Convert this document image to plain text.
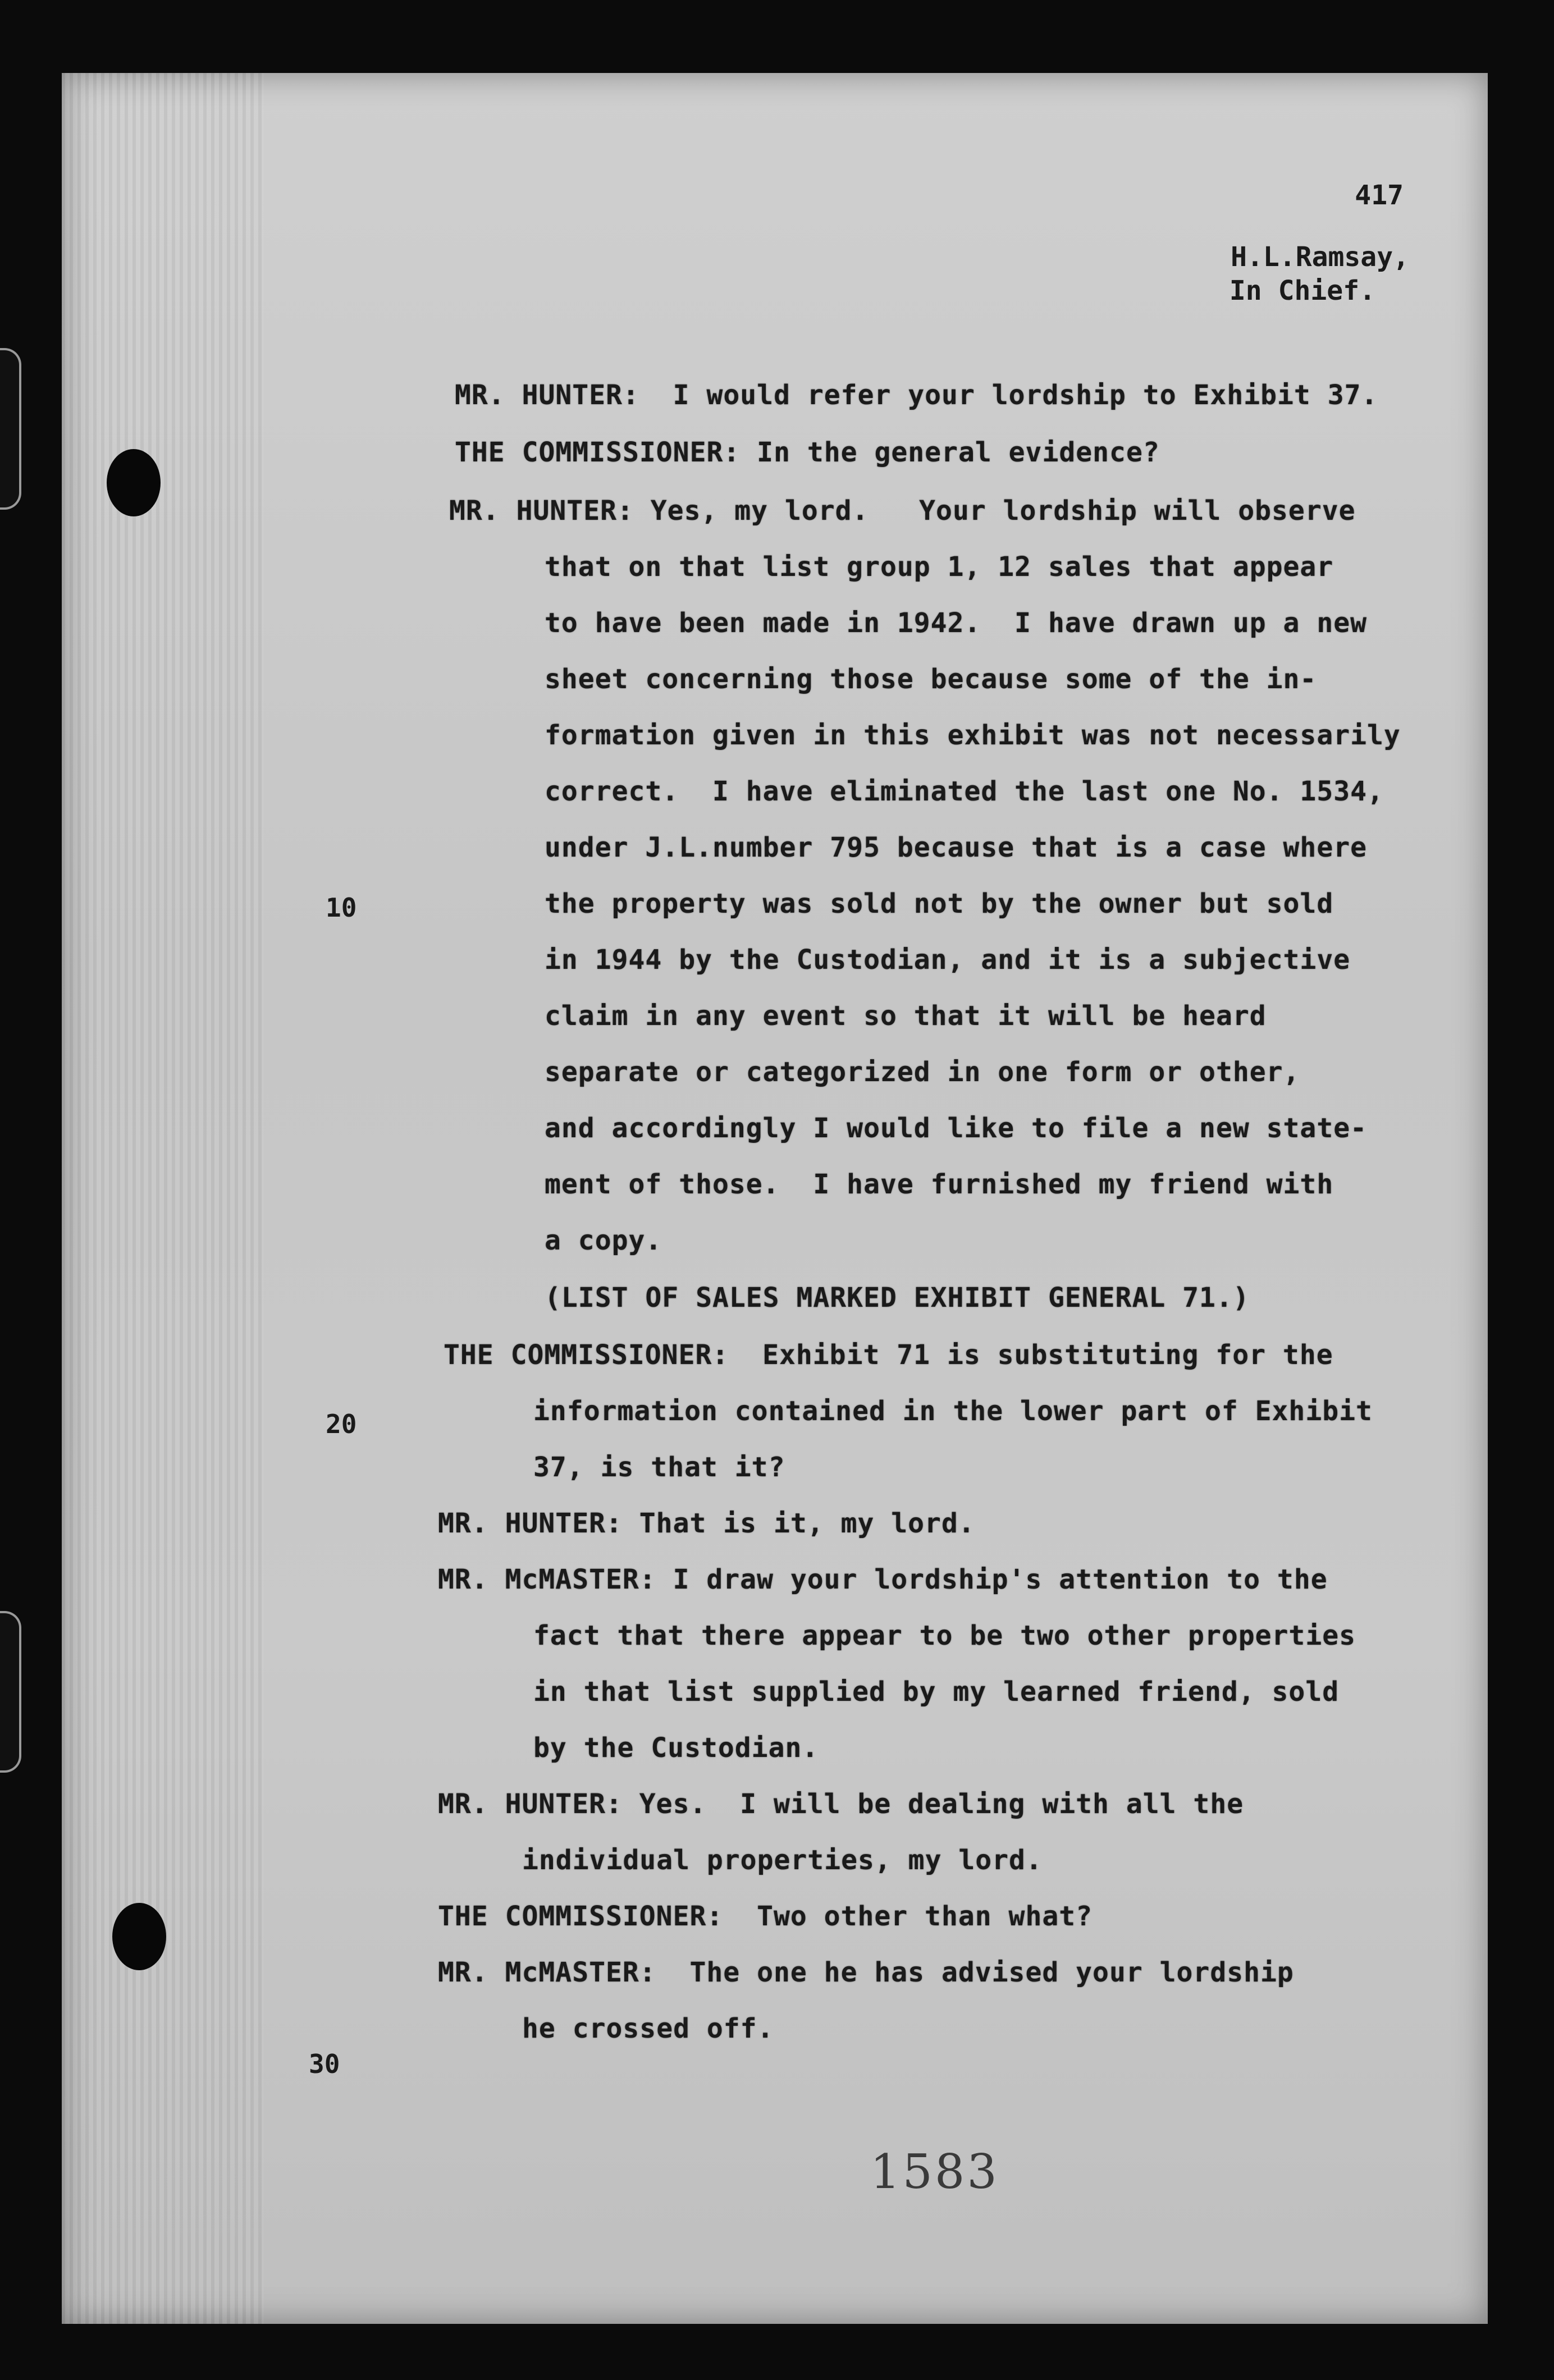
417
H.L.Ramsay,
In Chief.
MR. HUNTER:  I would refer your lordship to Exhibit 37.
THE COMMISSIONER: In the general evidence?
MR. HUNTER: Yes, my lord.   Your lordship will observe
that on that list group 1, 12 sales that appear
to have been made in 1942.  I have drawn up a new
sheet concerning those because some of the in-
formation given in this exhibit was not necessarily
correct.  I have eliminated the last one No. 1534,
under J.L.number 795 because that is a case where
the property was sold not by the owner but sold
in 1944 by the Custodian, and it is a subjective
claim in any event so that it will be heard
separate or categorized in one form or other,
and accordingly I would like to file a new state-
ment of those.  I have furnished my friend with
a copy.
(LIST OF SALES MARKED EXHIBIT GENERAL 71.)
THE COMMISSIONER:  Exhibit 71 is substituting for the
information contained in the lower part of Exhibit
37, is that it?
MR. HUNTER: That is it, my lord.
MR. McMASTER: I draw your lordship's attention to the
fact that there appear to be two other properties
in that list supplied by my learned friend, sold
by the Custodian.
MR. HUNTER: Yes.  I will be dealing with all the
individual properties, my lord.
THE COMMISSIONER:  Two other than what?
MR. McMASTER:  The one he has advised your lordship
he crossed off.
10
20
30
1583
